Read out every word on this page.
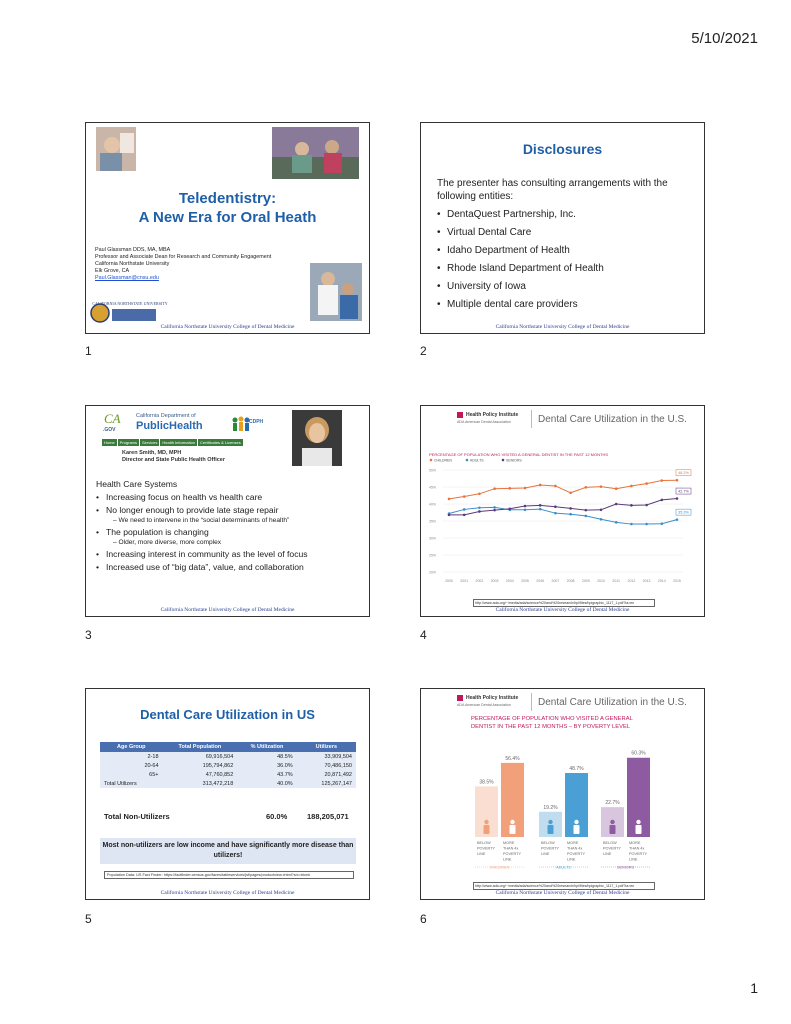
5/10/2021
1
Teledentistry:
A New Era for Oral Heath
Paul Glassman DDS, MA, MBA
Professor and Associate Dean for Research and Community Engagement
California Northstate University
Elk Grove, CA
Paul.Glassman@cnsu.edu
CALIFORNIA NORTHSTATE UNIVERSITY
California Northstate University College of Dental Medicine
1
Disclosures
The presenter has consulting arrangements with the following entities:
• DentaQuest Partnership, Inc.
• Virtual Dental Care
• Idaho Department of Health
• Rhode Island Department of Health
• University of Iowa
• Multiple dental care providers
California Northstate University College of Dental Medicine
2
CA
.GOV
California Department of
PublicHealth	CDPH
Home	Programs	Services	Health Information	Certificates & Licenses
Karen Smith, MD, MPH
Director and State Public Health Officer
Health Care Systems
• Increasing focus on health vs health care
• No longer enough to provide late stage repair
– We need to intervene in the “social determinants of health”
• The population is changing
– Older, more diverse, more complex
• Increasing interest in community as the level of focus
• Increased use of “big data”, value, and collaboration
California Northstate University College of Dental Medicine
3
Health Policy Institute
ADA American Dental Association	Dental Care Utilization in the U.S.
PERCENTAGE OF POPULATION WHO VISITED A GENERAL DENTIST IN THE PAST 12 MONTHS
CHILDREN	ADULTS	SENIORS
20%
25%
30%
35%
40%
45%
50%
2000 2001 2002 2003 2004 2005 2006 2007 2008 2009 2010 2011 2012 2013 2014 2015
48.2%
35.3%
42.7%
http://www.ada.org/~/media/ada/science%20and%20research/hpi/files/hpigraphic_1117_1.pdf?la=en
California Northstate University College of Dental Medicine
4
Dental Care Utilization in US
Age Group	Total Population	% Utilization	Utilizers
2-18	69,916,504	48.5%	33,909,504
20-64	195,794,862	36.0%	70,486,150
65+	47,760,852	43.7%	20,871,492
Total Utilizers	313,472,218	40.0%	125,267,147
Total Non-Utilizers	60.0%	188,205,071
Most non-utilizers are low income and have significantly more disease than utilizers!
Population Data: US Fact Finder: https://factfinder.census.gov/faces/tableservices/jsf/pages/productview.xhtml?src=bkmk
California Northstate University College of Dental Medicine
5
Health Policy Institute
ADA American Dental Association	Dental Care Utilization in the U.S.
PERCENTAGE OF POPULATION WHO VISITED A GENERAL DENTIST IN THE PAST 12 MONTHS – BY POVERTY LEVEL
38.5%
BELOW
POVERTY
LINE
56.4%
MORE
THAN 4x
POVERTY
LINE
CHILDREN
19.2%
BELOW
POVERTY
LINE
48.7%
MORE
THAN 4x
POVERTY
LINE
ADULTS
22.7%
BELOW
POVERTY
LINE
60.3%
MORE
THAN 4x
POVERTY
LINE
SENIORS
http://www.ada.org/~/media/ada/science%20and%20research/hpi/files/hpigraphic_1117_1.pdf?la=en
California Northstate University College of Dental Medicine
6
